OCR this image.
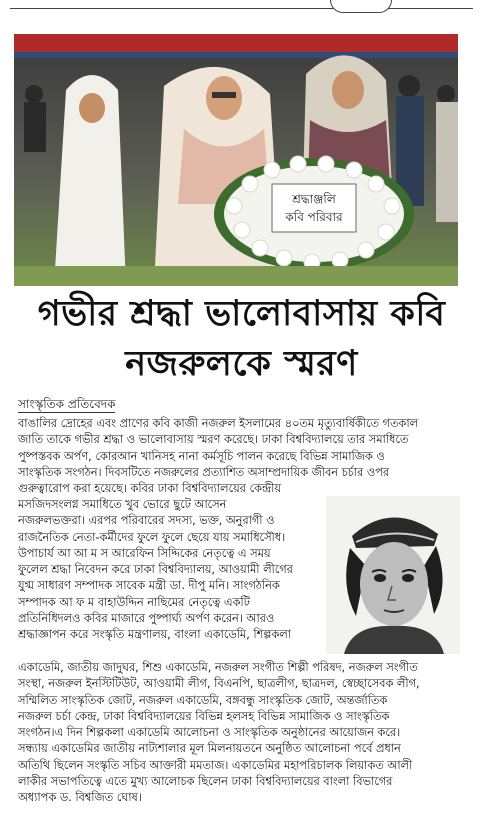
শ্রদ্ধাঞ্জলি
কবি পরিবার
গভীর শ্রদ্ধা ভালোবাসায় কবি
নজরুলকে স্মরণ
সাংস্কৃতিক প্রতিবেদক

বাঙালির দ্রোহের এবং প্রাণের কবি কাজী নজরুল ইসলামের ৪০তম মৃত্যুবার্ষিকীতে গতকাল

জাতি তাকে গভীর শ্রদ্ধা ও ভালোবাসায় স্মরণ করেছে। ঢাকা বিশ্ববিদ্যালয়ে তার সমাধিতে

পুষ্পস্তবক অর্পণ, কোরআন খানিসহ নানা কর্মসূচি পালন করেছে বিভিন্ন সামাজিক ও

সাংস্কৃতিক সংগঠন। দিবসটিতে নজরুলের প্রত্যাশিত অসাম্প্রদায়িক জীবন চর্চার ওপর

গুরুত্বারোপ করা হয়েছে। কবির ঢাকা বিশ্ববিদ্যালয়ের কেন্দ্রীয়

মসজিদসংলগ্ন সমাধিতে খুব ভোরে ছুটে আসেন

নজরুলভক্তরা। এরপর পরিবারের সদস্য, ভক্ত, অনুরাগী ও

রাজনৈতিক নেতা-কর্মীদের ফুলে ফুলে ছেয়ে যায় সমাধিসৌধ।

উপাচার্য আ আ ম স আরেফিন সিদ্দিকের নেতৃত্বে এ সময়

ফুলেল শ্রদ্ধা নিবেদন করে ঢাকা বিশ্ববিদ্যালয়, আওয়ামী লীগের

যুগ্ম সাধারণ সম্পাদক সাবেক মন্ত্রী ডা. দীপু মনি। সাংগঠনিক

সম্পাদক আ ফ ম বাহাউদ্দিন নাছিমের নেতৃত্বে একটি

প্রতিনিধিদলও কবির মাজারে পুষ্পার্ঘ্য অর্পণ করেন। আরও

শ্রদ্ধাজ্ঞাপন করে সংস্কৃতি মন্ত্রণালয়, বাংলা একাডেমি, শিল্পকলা

একাডেমি, জাতীয় জাদুঘর, শিশু একাডেমি, নজরুল সংগীত শিল্পী পরিষদ, নজরুল সংগীত

সংস্থা, নজরুল ইনস্টিটিউট, আওয়ামী লীগ, বিএনপি, ছাত্রলীগ, ছাত্রদল, স্বেচ্ছাসেবক লীগ,

সম্মিলিত সাংস্কৃতিক জোট, নজরুল একাডেমি, বঙ্গবন্ধু সাংস্কৃতিক জোট, অন্তর্জাতিক

নজরুল চর্চা কেন্দ্র, ঢাকা বিশ্ববিদ্যালয়ের বিভিন্ন হলসহ বিভিন্ন সামাজিক ও সাংস্কৃতিক

সংগঠন।এ দিন শিল্পকলা একাডেমি আলোচনা ও সাংস্কৃতিক অনুষ্ঠানের আয়োজন করে।

সন্ধ্যায় একাডেমির জাতীয় নাট্যশালার মূল মিলনায়তনে অনুষ্ঠিত আলোচনা পর্বে প্রধান

অতিথি ছিলেন সংস্কৃতি সচিব আক্তারী মমতাজ। একাডেমির মহাপরিচালক লিয়াকত আলী

লাকীর সভাপতিত্বে এতে মুখ্য আলোচক ছিলেন ঢাকা বিশ্ববিদ্যালয়ের বাংলা বিভাগের

অধ্যাপক ড. বিশ্বজিত ঘোষ।
